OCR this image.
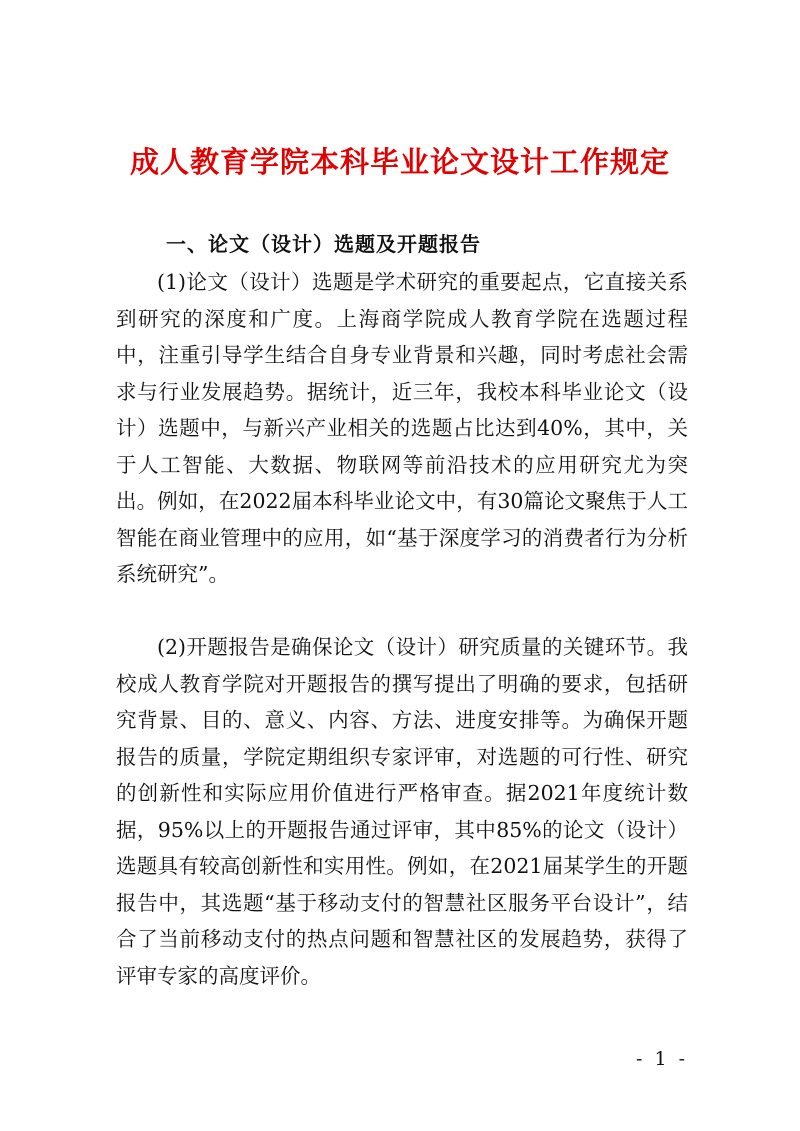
成人教育学院本科毕业论文设计工作规定
一、论文（设计）选题及开题报告

(1)论文（设计）选题是学术研究的重要起点，它直接关系到研究的深度和广度。上海商学院成人教育学院在选题过程中，注重引导学生结合自身专业背景和兴趣，同时考虑社会需求与行业发展趋势。据统计，近三年，我校本科毕业论文（设计）选题中，与新兴产业相关的选题占比达到40%，其中，关于人工智能、大数据、物联网等前沿技术的应用研究尤为突出。例如，在2022届本科毕业论文中，有30篇论文聚焦于人工智能在商业管理中的应用，如“基于深度学习的消费者行为分析系统研究”。

(2)开题报告是确保论文（设计）研究质量的关键环节。我校成人教育学院对开题报告的撰写提出了明确的要求，包括研究背景、目的、意义、内容、方法、进度安排等。为确保开题报告的质量，学院定期组织专家评审，对选题的可行性、研究的创新性和实际应用价值进行严格审查。据2021年度统计数据，95%以上的开题报告通过评审，其中85%的论文（设计）选题具有较高创新性和实用性。例如，在2021届某学生的开题报告中，其选题“基于移动支付的智慧社区服务平台设计”，结合了当前移动支付的热点问题和智慧社区的发展趋势，获得了评审专家的高度评价。

- 1 -
